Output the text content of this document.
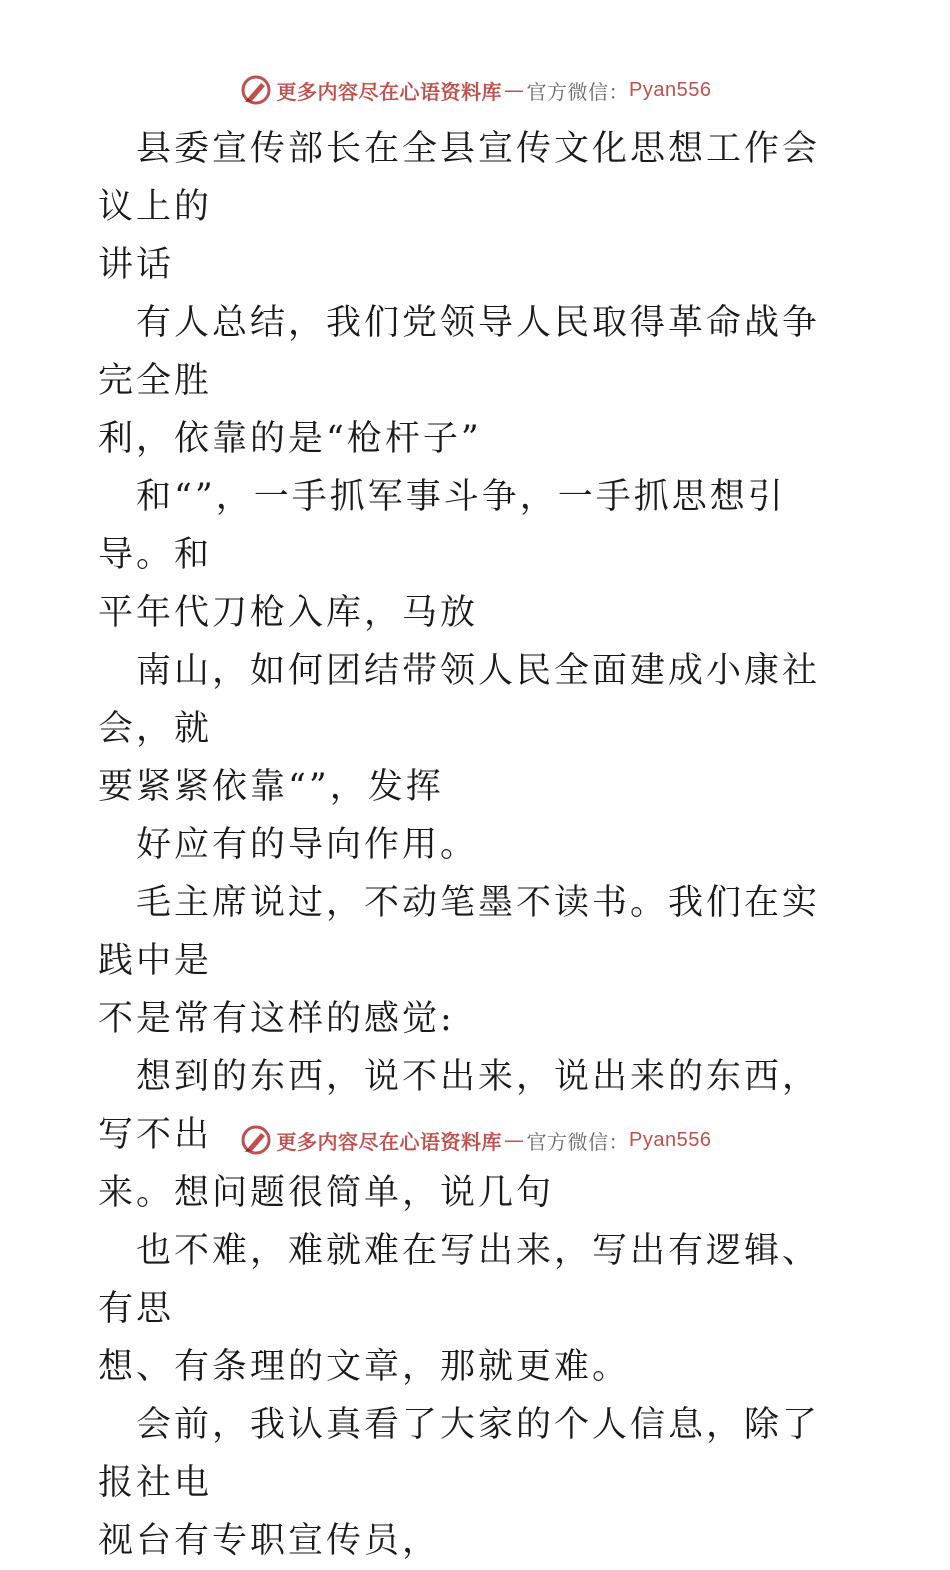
更多内容尽在心语资料库 — 官方微信： Pyan556

县委宣传部长在全县宣传文化思想工作会议上的
讲话

有人总结，我们党领导人民取得革命战争完全胜
利，依靠的是“枪杆子”

和“”，一手抓军事斗争，一手抓思想引导。和
平年代刀枪入库，马放

南山，如何团结带领人民全面建成小康社会，就
要紧紧依靠“”，发挥

好应有的导向作用。

毛主席说过，不动笔墨不读书。我们在实践中是
不是常有这样的感觉:

想到的东西，说不出来，说出来的东西，写不出
来。想问题很简单，说几句

也不难，难就难在写出来，写出有逻辑、有思
想、有条理的文章，那就更难。

会前，我认真看了大家的个人信息，除了报社电
视台有专职宣传员，

更多内容尽在心语资料库 — 官方微信： Pyan556
